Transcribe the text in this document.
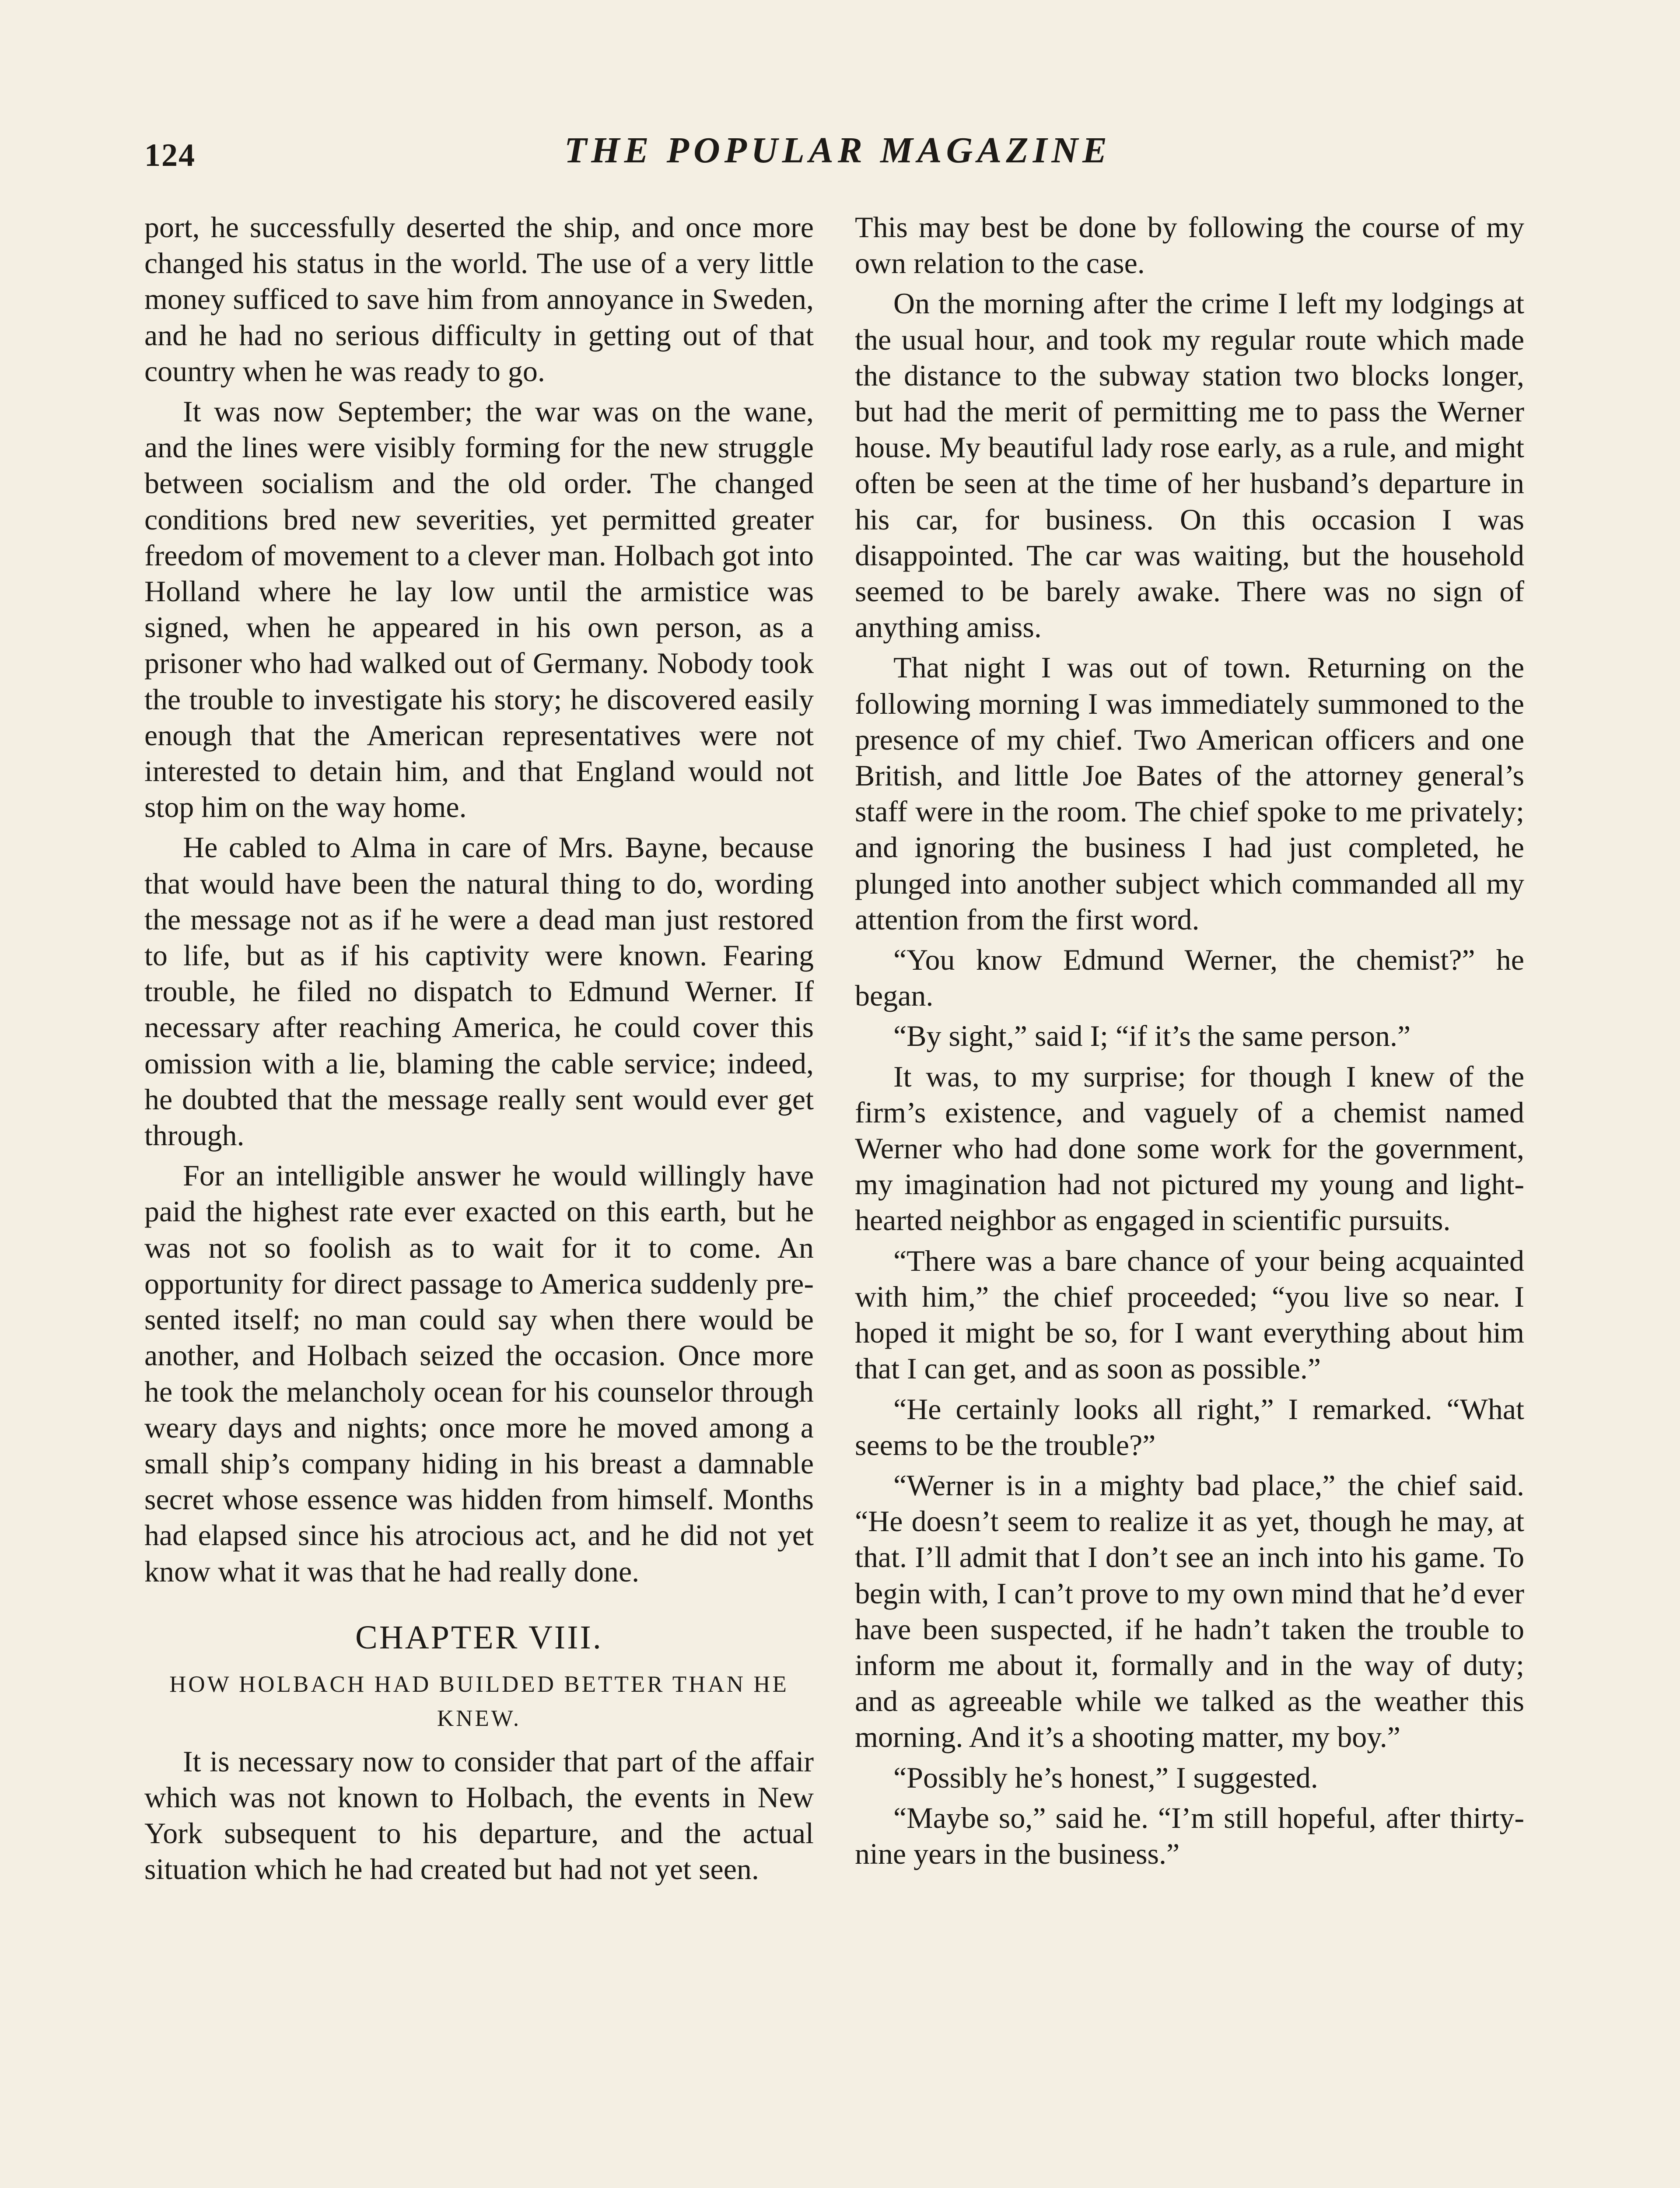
124	THE POPULAR MAGAZINE

port, he successfully deserted the ship, and once more changed his status in the world. The use of a very little money sufficed to save him from annoyance in Sweden, and he had no serious difficulty in getting out of that country when he was ready to go.

It was now September; the war was on the wane, and the lines were visibly forming for the new struggle between socialism and the old order. The changed conditions bred new severities, yet permitted greater freedom of movement to a clever man. Holbach got into Holland where he lay low until the armistice was signed, when he appeared in his own person, as a prisoner who had walked out of Germany. Nobody took the trouble to investigate his story; he discovered easily enough that the American representatives were not interested to detain him, and that England would not stop him on the way home.

He cabled to Alma in care of Mrs. Bayne, because that would have been the natural thing to do, wording the message not as if he were a dead man just restored to life, but as if his captivity were known. Fearing trouble, he filed no dispatch to Edmund Werner. If necessary after reaching America, he could cover this omission with a lie, blaming the cable service; indeed, he doubted that the message really sent would ever get through.

For an intelligible answer he would willingly have paid the highest rate ever exacted on this earth, but he was not so foolish as to wait for it to come. An opportunity for direct passage to America suddenly presented itself; no man could say when there would be another, and Holbach seized the occasion. Once more he took the melancholy ocean for his counselor through weary days and nights; once more he moved among a small ship’s company hiding in his breast a damnable secret whose essence was hidden from himself. Months had elapsed since his atrocious act, and he did not yet know what it was that he had really done.

CHAPTER VIII.
HOW HOLBACH HAD BUILDED BETTER THAN HE KNEW.

It is necessary now to consider that part of the affair which was not known to Holbach, the events in New York subsequent to his departure, and the actual situation which he had created but had not yet seen.

This may best be done by following the course of my own relation to the case.

On the morning after the crime I left my lodgings at the usual hour, and took my regular route which made the distance to the subway station two blocks longer, but had the merit of permitting me to pass the Werner house. My beautiful lady rose early, as a rule, and might often be seen at the time of her husband’s departure in his car, for business. On this occasion I was disappointed. The car was waiting, but the household seemed to be barely awake. There was no sign of anything amiss.

That night I was out of town. Returning on the following morning I was immediately summoned to the presence of my chief. Two American officers and one British, and little Joe Bates of the attorney general’s staff were in the room. The chief spoke to me privately; and ignoring the business I had just completed, he plunged into another subject which commanded all my attention from the first word.

“You know Edmund Werner, the chemist?” he began.

“By sight,” said I; “if it’s the same person.”

It was, to my surprise; for though I knew of the firm’s existence, and vaguely of a chemist named Werner who had done some work for the government, my imagination had not pictured my young and light-hearted neighbor as engaged in scientific pursuits.

“There was a bare chance of your being acquainted with him,” the chief proceeded; “you live so near. I hoped it might be so, for I want everything about him that I can get, and as soon as possible.”

“He certainly looks all right,” I remarked. “What seems to be the trouble?”

“Werner is in a mighty bad place,” the chief said. “He doesn’t seem to realize it as yet, though he may, at that. I’ll admit that I don’t see an inch into his game. To begin with, I can’t prove to my own mind that he’d ever have been suspected, if he hadn’t taken the trouble to inform me about it, formally and in the way of duty; and as agreeable while we talked as the weather this morning. And it’s a shooting matter, my boy.”

“Possibly he’s honest,” I suggested.

“Maybe so,” said he. “I’m still hopeful, after thirty-nine years in the business.”
